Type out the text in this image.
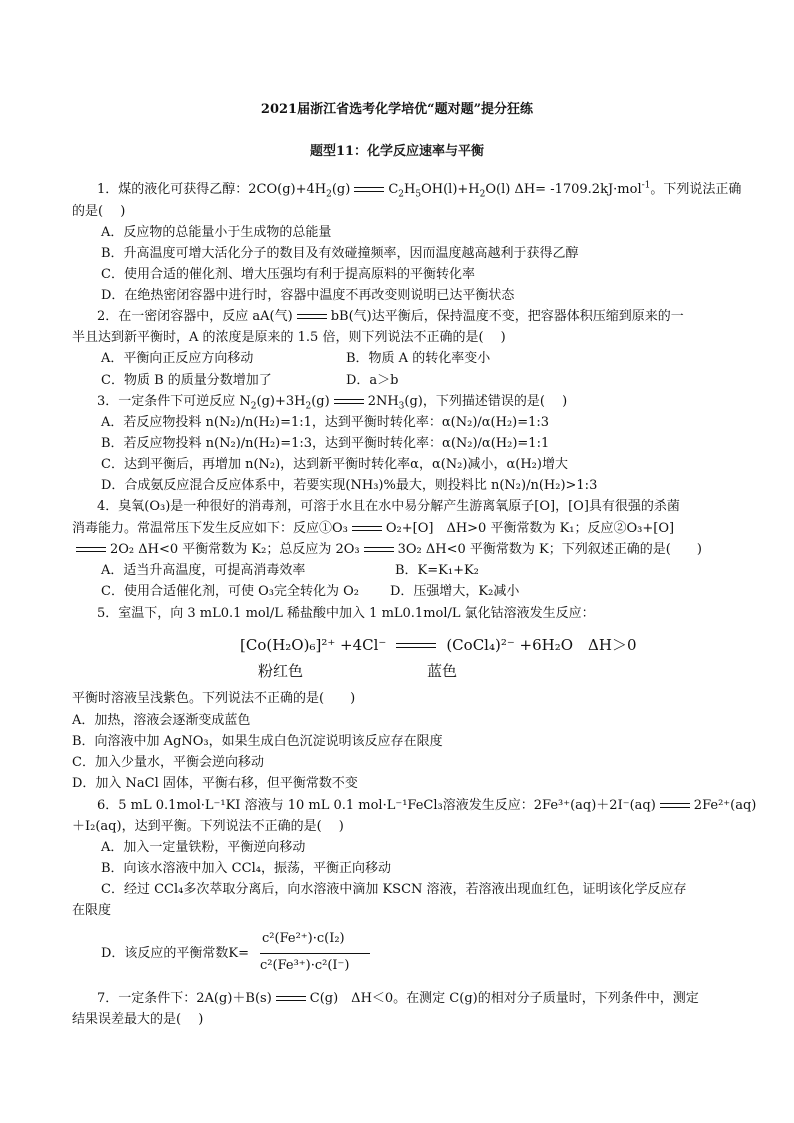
2021届浙江省选考化学培优“题对题”提分狂练
题型11：化学反应速率与平衡
1．煤的液化可获得乙醇：$2CO(g)+4H_2(g)$	$C_2H_5OH(l)+H_2O(l)$ ΔH= -1709.2kJ·mol$^{-1}$。下列说法正确
的是(　 )
A．反应物的总能量小于生成物的总能量
B．升高温度可增大活化分子的数目及有效碰撞频率，因而温度越高越利于获得乙醇
C．使用合适的催化剂、增大压强均有利于提高原料的平衡转化率
D．在绝热密闭容器中进行时，容器中温度不再改变则说明已达平衡状态
2．在一密闭容器中，反应 aA(气)	bB(气)达平衡后，保持温度不变，把容器体积压缩到原来的一
半且达到新平衡时，A 的浓度是原来的 1.5 倍，则下列说法不正确的是(　 )
A．平衡向正反应方向移动	B．物质 A 的转化率变小
C．物质 B 的质量分数增加了	D．a＞b
3．一定条件下可逆反应 $N_2(g)+3H_2(g)$	$2NH_3(g)$，下列描述错误的是(　 )
A．若反应物投料 n(N₂)/n(H₂)=1:1，达到平衡时转化率：α(N₂)/α(H₂)=1:3
B．若反应物投料 n(N₂)/n(H₂)=1:3，达到平衡时转化率：α(N₂)/α(H₂)=1:1
C．达到平衡后，再增加 n(N₂)，达到新平衡时转化率α，α(N₂)减小，α(H₂)增大
D．合成氨反应混合反应体系中，若要实现(NH₃)%最大，则投料比 n(N₂)/n(H₂)>1:3
4．臭氧(O₃)是一种很好的消毒剂，可溶于水且在水中易分解产生游离氧原子[O]，[O]具有很强的杀菌
消毒能力。常温常压下发生反应如下：反应①O₃	O₂+[O]　ΔH>0 平衡常数为 K₁；反应②O₃+[O]
2O₂ ΔH<0 平衡常数为 K₂；总反应为 2O₃	3O₂ ΔH<0 平衡常数为 K；下列叙述正确的是(　　)
A．适当升高温度，可提高消毒效率	B．K=K₁+K₂
C．使用合适催化剂，可使 O₃完全转化为 O₂	D．压强增大，K₂减小
5．室温下，向 3 mL0.1 mol/L 稀盐酸中加入 1 mL0.1mol/L 氯化钴溶液发生反应：
[Co(H₂O)₆]²⁺ +4Cl⁻	(CoCl₄)²⁻ +6H₂O　ΔH＞0
粉红色	蓝色
平衡时溶液呈浅紫色。下列说法不正确的是(　　)
A．加热，溶液会逐渐变成蓝色
B．向溶液中加 AgNO₃，如果生成白色沉淀说明该反应存在限度
C．加入少量水，平衡会逆向移动
D．加入 NaCl 固体，平衡右移，但平衡常数不变
6．5 mL 0.1mol·L⁻¹KI 溶液与 10 mL 0.1 mol·L⁻¹FeCl₃溶液发生反应：2Fe³⁺(aq)＋2I⁻(aq)	2Fe²⁺(aq)
＋I₂(aq)，达到平衡。下列说法不正确的是(　 )
A．加入一定量铁粉，平衡逆向移动
B．向该水溶液中加入 CCl₄，振荡，平衡正向移动
C．经过 CCl₄多次萃取分离后，向水溶液中滴加 KSCN 溶液，若溶液出现血红色，证明该化学反应存
在限度
D．该反应的平衡常数K=
c²(Fe²⁺)·c(I₂)
c²(Fe³⁺)·c²(I⁻)
7．一定条件下：2A(g)＋B(s)	C(g)　ΔH＜0。在测定 C(g)的相对分子质量时，下列条件中，测定
结果误差最大的是(　 )
